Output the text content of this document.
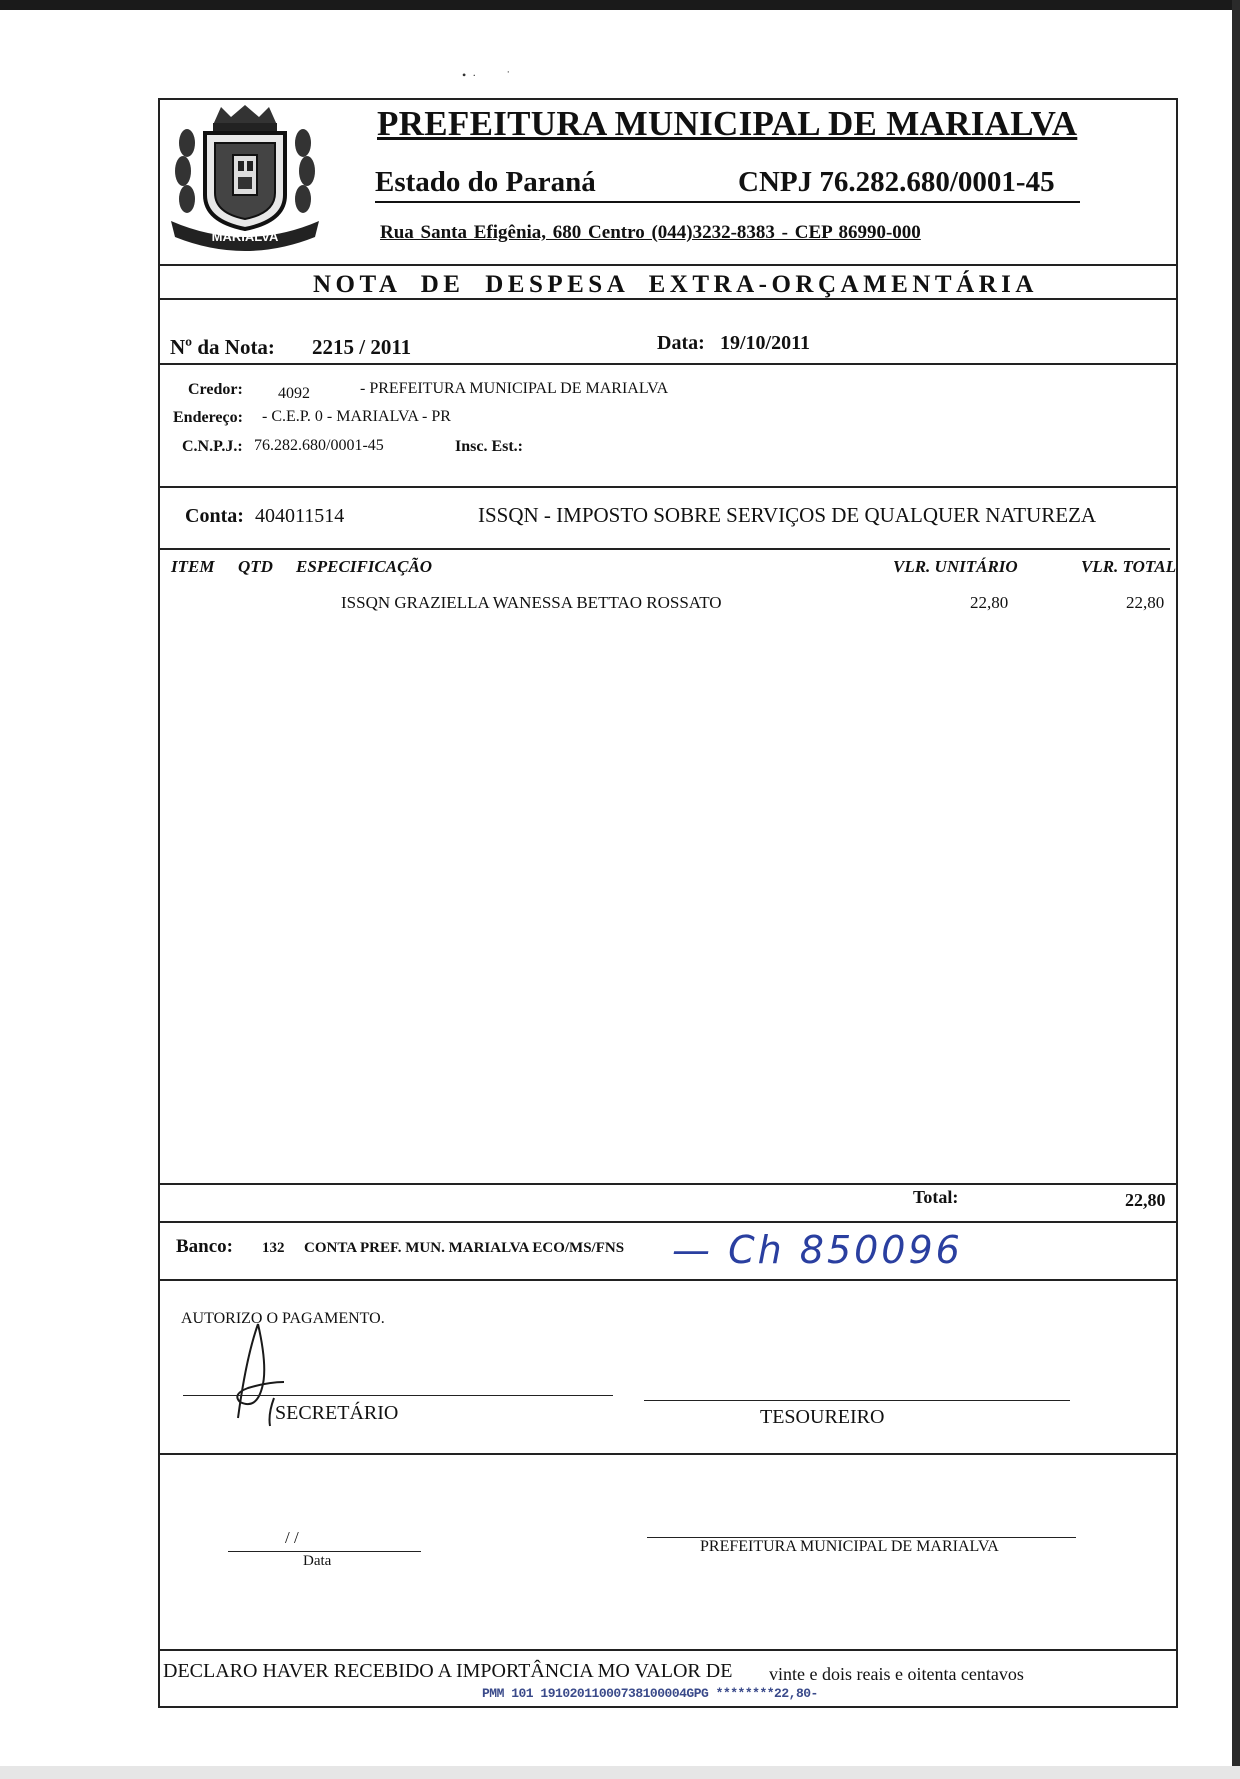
•  ·          ˙
MARIALVA
PREFEITURA MUNICIPAL DE MARIALVA
Estado do Paraná	CNPJ 76.282.680/0001-45
Rua Santa Efigênia, 680 Centro (044)3232-8383 - CEP 86990-000
NOTA DE DESPESA EXTRA-ORÇAMENTÁRIA
Nº da Nota: 2215 / 2011	Data: 19/10/2011
Credor: 4092	- PREFEITURA MUNICIPAL DE MARIALVA
Endereço: - C.E.P. 0 - MARIALVA - PR
C.N.P.J.: 76.282.680/0001-45	Insc. Est.:
Conta: 404011514	ISSQN - IMPOSTO SOBRE SERVIÇOS DE QUALQUER NATUREZA
ITEM QTD ESPECIFICAÇÃO	VLR. UNITÁRIO	VLR. TOTAL
ISSQN GRAZIELLA WANESSA BETTAO ROSSATO	22,80	22,80
Total:	22,80
Banco: 132 CONTA PREF. MUN. MARIALVA ECO/MS/FNS — Ch 850096
AUTORIZO O PAGAMENTO.
SECRETÁRIO	TESOUREIRO
/ /
Data
PREFEITURA MUNICIPAL DE MARIALVA
DECLARO HAVER RECEBIDO A IMPORTÂNCIA MO VALOR DE vinte e dois reais e oitenta centavos
PMM 101 19102011000738100004GPG ********22,80-
